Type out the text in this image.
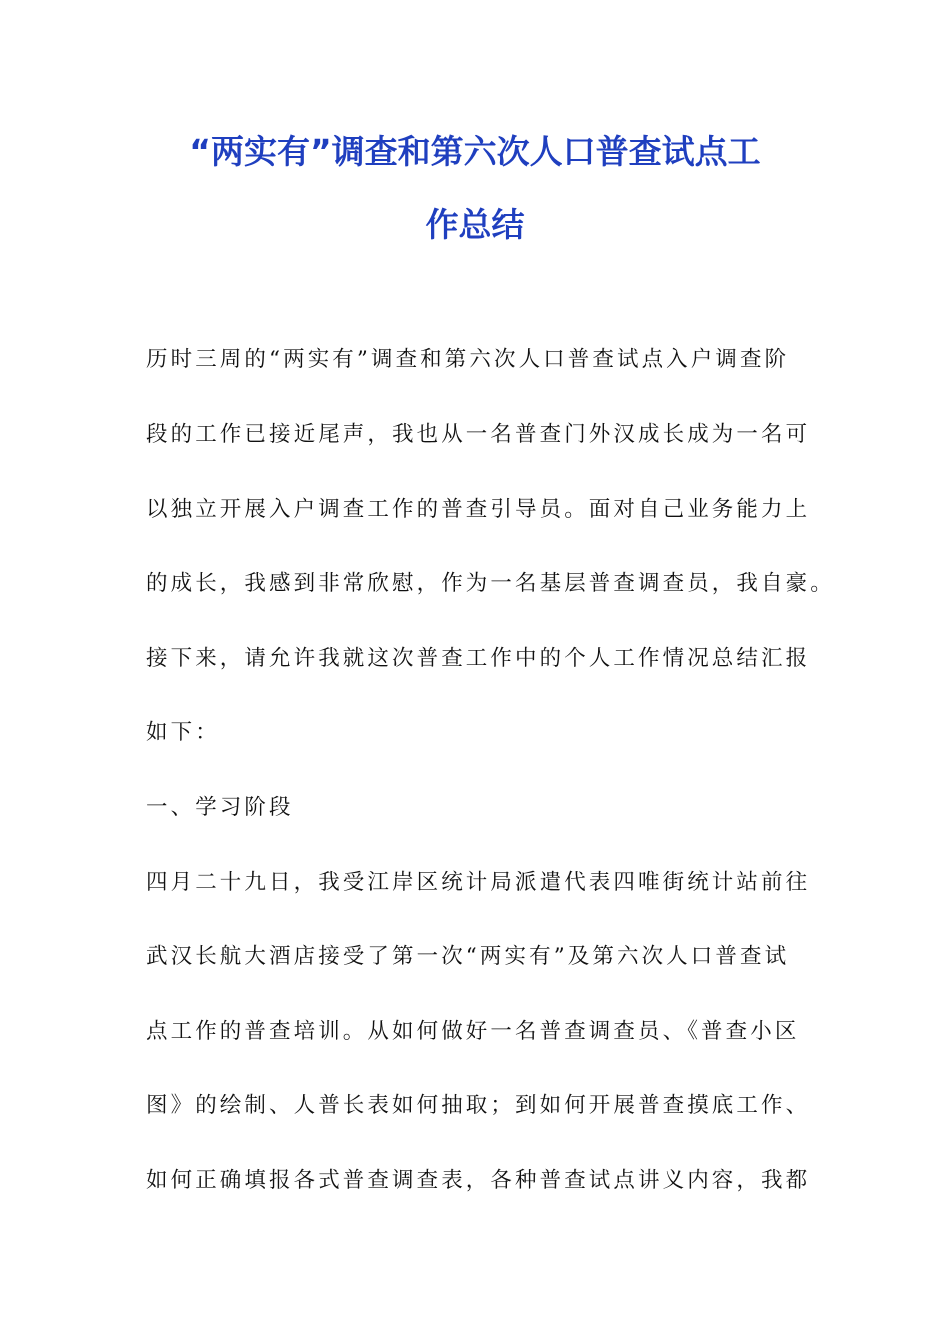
“两实有”调查和第六次人口普查试点工
作总结
历时三周的“两实有”调查和第六次人口普查试点入户调查阶
段的工作已接近尾声，我也从一名普查门外汉成长成为一名可
以独立开展入户调查工作的普查引导员。面对自己业务能力上
的成长，我感到非常欣慰，作为一名基层普查调查员，我自豪。
接下来，请允许我就这次普查工作中的个人工作情况总结汇报
如下：
一、学习阶段
四月二十九日，我受江岸区统计局派遣代表四唯街统计站前往
武汉长航大酒店接受了第一次“两实有”及第六次人口普查试
点工作的普查培训。从如何做好一名普查调查员、《普查小区
图》的绘制、人普长表如何抽取；到如何开展普查摸底工作、
如何正确填报各式普查调查表，各种普查试点讲义内容，我都
